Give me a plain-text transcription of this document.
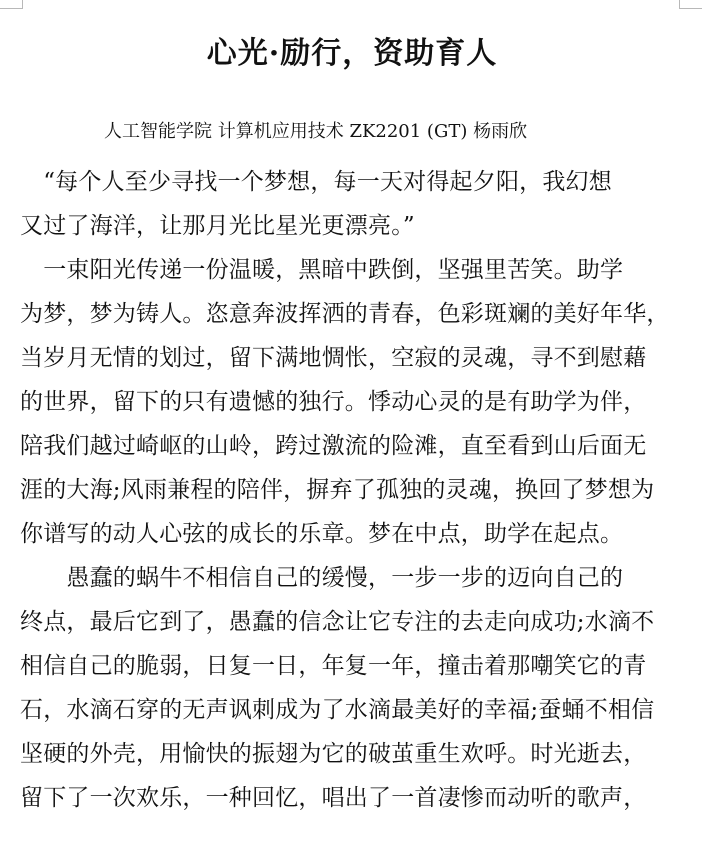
心光·励行，资助育人
人工智能学院 计算机应用技术 ZK2201 (GT) 杨雨欣
　“每个人至少寻找一个梦想，每一天对得起夕阳，我幻想
又过了海洋，让那月光比星光更漂亮。”
　一束阳光传递一份温暖，黑暗中跌倒，坚强里苦笑。助学
为梦，梦为铸人。恣意奔波挥洒的青春，色彩斑斓的美好年华，
当岁月无情的划过，留下满地惆怅，空寂的灵魂，寻不到慰藉
的世界，留下的只有遗憾的独行。悸动心灵的是有助学为伴，
陪我们越过崎岖的山岭，跨过激流的险滩，直至看到山后面无
涯的大海;风雨兼程的陪伴，摒弃了孤独的灵魂，换回了梦想为
你谱写的动人心弦的成长的乐章。梦在中点，助学在起点。
　　愚蠢的蜗牛不相信自己的缓慢，一步一步的迈向自己的
终点，最后它到了，愚蠢的信念让它专注的去走向成功;水滴不
相信自己的脆弱，日复一日，年复一年，撞击着那嘲笑它的青
石，水滴石穿的无声讽刺成为了水滴最美好的幸福;蚕蛹不相信
坚硬的外壳，用愉快的振翅为它的破茧重生欢呼。时光逝去，
留下了一次欢乐，一种回忆，唱出了一首凄惨而动听的歌声，
